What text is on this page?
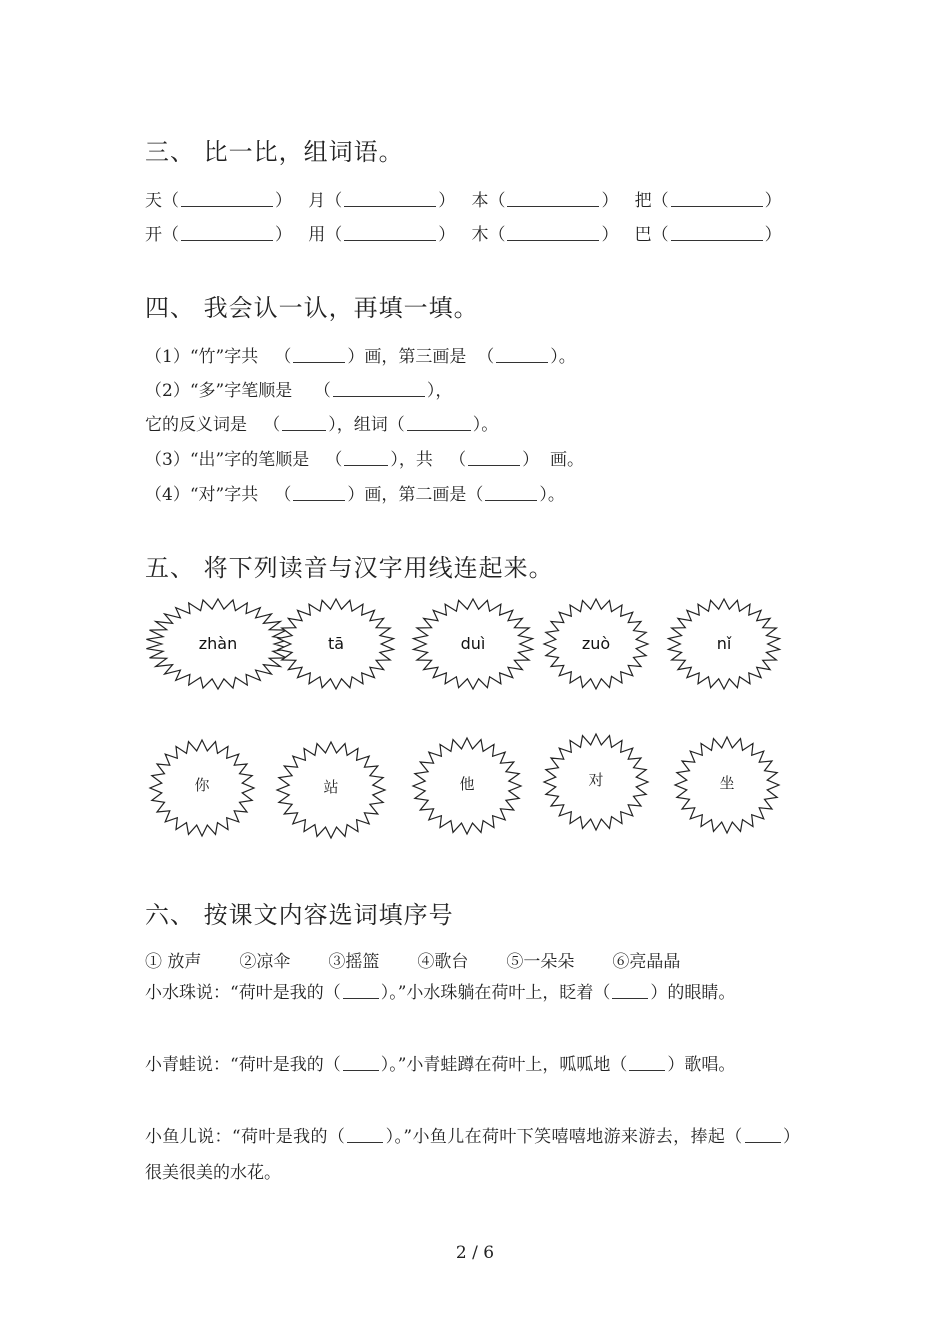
三、 比一比，组词语。
天（	）   月（	）   本（	）   把（	）
开（	）   用（	）   木（	）   巴（	）
四、 我会认一认，再填一填。
（1）“竹”字共   （	）画，第三画是  （	）。
（2）“多”字笔顺是    （	），
它的反义词是   （	），组词（	）。
（3）“出”字的笔顺是   （	），共   （	）  画。
（4）“对”字共   （	）画，第二画是（	）。
五、 将下列读音与汉字用线连起来。
zhàn	tā	duì	zuò	nǐ
你	站	他	对	坐
六、 按课文内容选词填序号
① 放声 ②凉伞 ③摇篮 ④歌台 ⑤一朵朵 ⑥亮晶晶
小水珠说：“荷叶是我的（ ）。”小水珠躺在荷叶上，眨着（ ）的眼睛。
小青蛙说：“荷叶是我的（ ）。”小青蛙蹲在荷叶上，呱呱地（ ）歌唱。
小鱼儿说：“荷叶是我的（ ）。”小鱼儿在荷叶下笑嘻嘻地游来游去，捧起（ ）很美很美的水花。
2 / 6
